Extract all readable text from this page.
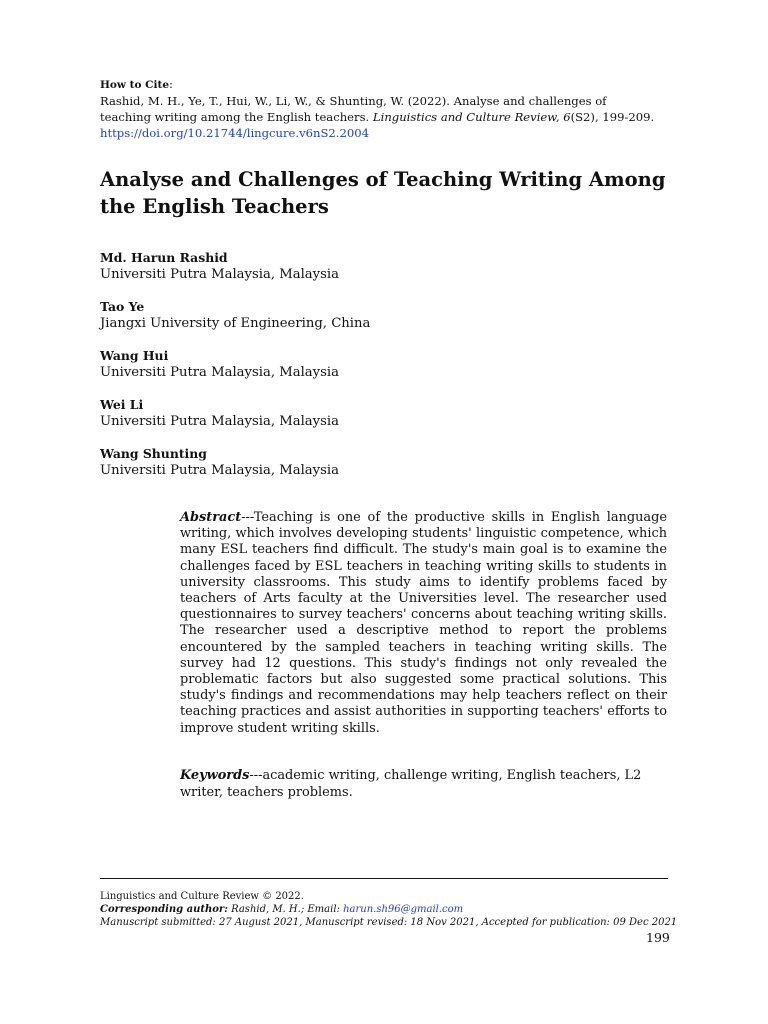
How to Cite:
Rashid, M. H., Ye, T., Hui, W., Li, W., & Shunting, W. (2022). Analyse and challenges of teaching writing among the English teachers. Linguistics and Culture Review, 6(S2), 199-209. https://doi.org/10.21744/lingcure.v6nS2.2004
Analyse and Challenges of Teaching Writing Among the English Teachers
Md. Harun Rashid
Universiti Putra Malaysia, Malaysia
Tao Ye
Jiangxi University of Engineering, China
Wang Hui
Universiti Putra Malaysia, Malaysia
Wei Li
Universiti Putra Malaysia, Malaysia
Wang Shunting
Universiti Putra Malaysia, Malaysia
Abstract---Teaching is one of the productive skills in English language writing, which involves developing students' linguistic competence, which many ESL teachers find difficult. The study's main goal is to examine the challenges faced by ESL teachers in teaching writing skills to students in university classrooms. This study aims to identify problems faced by teachers of Arts faculty at the Universities level. The researcher used questionnaires to survey teachers' concerns about teaching writing skills. The researcher used a descriptive method to report the problems encountered by the sampled teachers in teaching writing skills. The survey had 12 questions. This study's findings not only revealed the problematic factors but also suggested some practical solutions. This study's findings and recommendations may help teachers reflect on their teaching practices and assist authorities in supporting teachers' efforts to improve student writing skills.
Keywords---academic writing, challenge writing, English teachers, L2 writer, teachers problems.
Linguistics and Culture Review © 2022.
Corresponding author: Rashid, M. H.; Email: harun.sh96@gmail.com
Manuscript submitted: 27 August 2021, Manuscript revised: 18 Nov 2021, Accepted for publication: 09 Dec 2021
199
